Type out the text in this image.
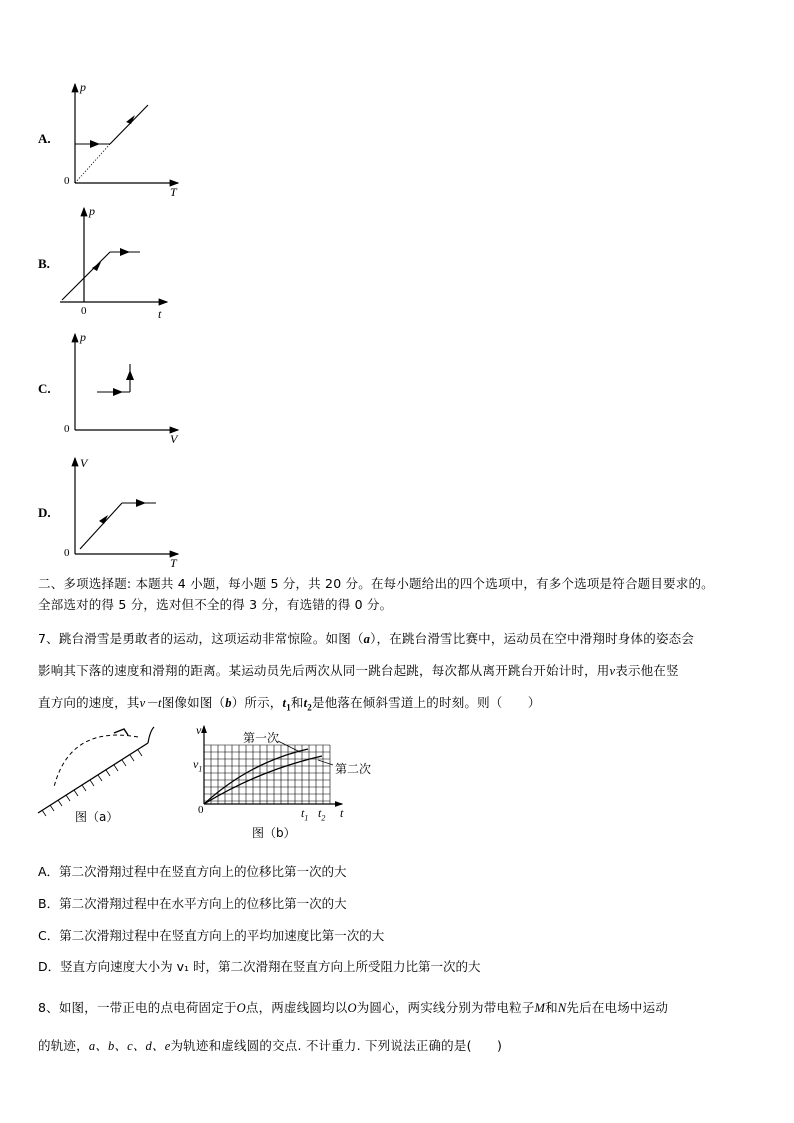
A.
p
T
0
B.
p
t
0
C.
p
V
0
D.
V
T
0
二、多项选择题: 本题共 4 小题，每小题 5 分，共 20 分。在每小题给出的四个选项中，有多个选项是符合题目要求的。
全部选对的得 5 分，选对但不全的得 3 分，有选错的得 0 分。
7、跳台滑雪是勇敢者的运动，这项运动非常惊险。如图（a），在跳台滑雪比赛中，运动员在空中滑翔时身体的姿态会
影响其下落的速度和滑翔的距离。某运动员先后两次从同一跳台起跳，每次都从离开跳台开始计时，用v表示他在竖
直方向的速度，其v－t图像如图（b）所示，$t_1$和$t_2$是他落在倾斜雪道上的时刻。则（　　）
图（a）
v
$v_1$
第一次
第二次
0	$t_1$ $t_2$ t
图（b）
A．第二次滑翔过程中在竖直方向上的位移比第一次的大
B．第二次滑翔过程中在水平方向上的位移比第一次的大
C．第二次滑翔过程中在竖直方向上的平均加速度比第一次的大
D．竖直方向速度大小为 v₁ 时，第二次滑翔在竖直方向上所受阻力比第一次的大
8、如图，一带正电的点电荷固定于O点，两虚线圆均以O为圆心，两实线分别为带电粒子M和N先后在电场中运动
的轨迹，a、b、c、d、e为轨迹和虚线圆的交点. 不计重力. 下列说法正确的是(　　)
